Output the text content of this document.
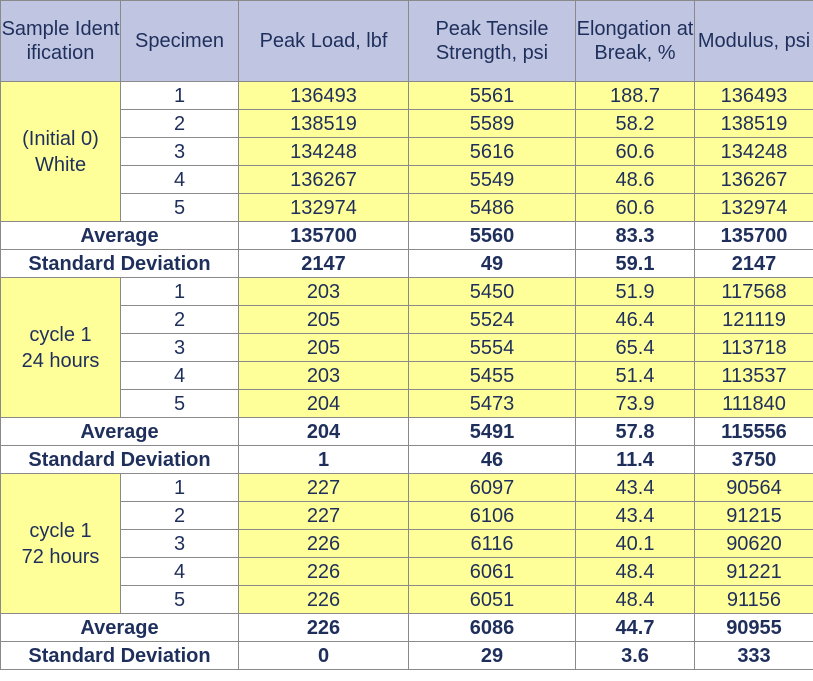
Sample Identification	Specimen	Peak Load, lbf	Peak Tensile Strength, psi	Elongation at Break, %	Modulus, psi

(Initial 0)
White	1	136493	5561	188.7	136493
	2	138519	5589	58.2	138519
	3	134248	5616	60.6	134248
	4	136267	5549	48.6	136267
	5	132974	5486	60.6	132974
Average		135700	5560	83.3	135700
Standard Deviation		2147	49	59.1	2147

cycle 1
24 hours	1	203	5450	51.9	117568
	2	205	5524	46.4	121119
	3	205	5554	65.4	113718
	4	203	5455	51.4	113537
	5	204	5473	73.9	111840
Average		204	5491	57.8	115556
Standard Deviation		1	46	11.4	3750

cycle 1
72 hours	1	227	6097	43.4	90564
	2	227	6106	43.4	91215
	3	226	6116	40.1	90620
	4	226	6061	48.4	91221
	5	226	6051	48.4	91156
Average		226	6086	44.7	90955
Standard Deviation		0	29	3.6	333
